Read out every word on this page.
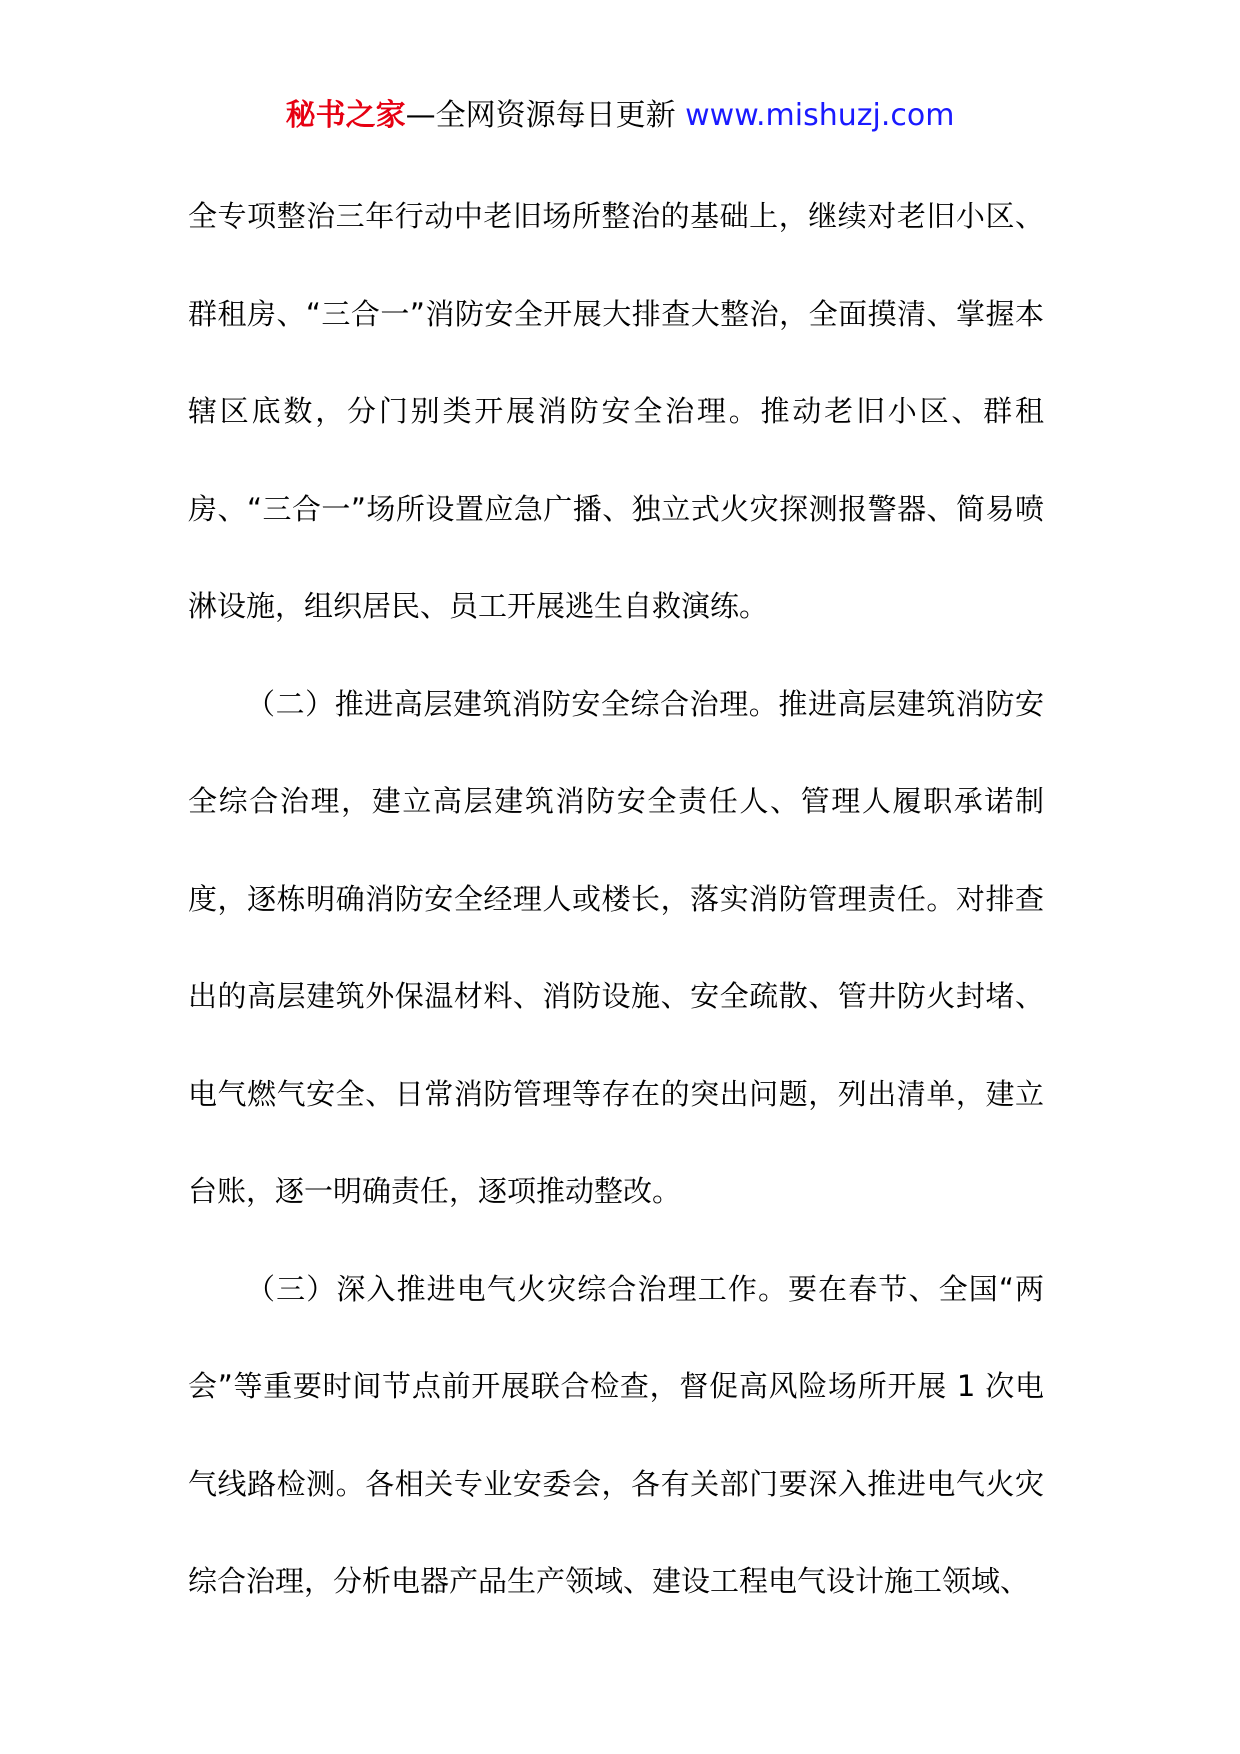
秘书之家—全网资源每日更新 www.mishuzj.com

全专项整治三年行动中老旧场所整治的基础上，继续对老旧小区、群租房、“三合一”消防安全开展大排查大整治，全面摸清、掌握本辖区底数，分门别类开展消防安全治理。推动老旧小区、群租房、“三合一”场所设置应急广播、独立式火灾探测报警器、简易喷淋设施，组织居民、员工开展逃生自救演练。

（二）推进高层建筑消防安全综合治理。推进高层建筑消防安全综合治理，建立高层建筑消防安全责任人、管理人履职承诺制度，逐栋明确消防安全经理人或楼长，落实消防管理责任。对排查出的高层建筑外保温材料、消防设施、安全疏散、管井防火封堵、电气燃气安全、日常消防管理等存在的突出问题，列出清单，建立台账，逐一明确责任，逐项推动整改。

（三）深入推进电气火灾综合治理工作。要在春节、全国“两会”等重要时间节点前开展联合检查，督促高风险场所开展 1 次电气线路检测。各相关专业安委会，各有关部门要深入推进电气火灾综合治理，分析电器产品生产领域、建设工程电气设计施工领域、
